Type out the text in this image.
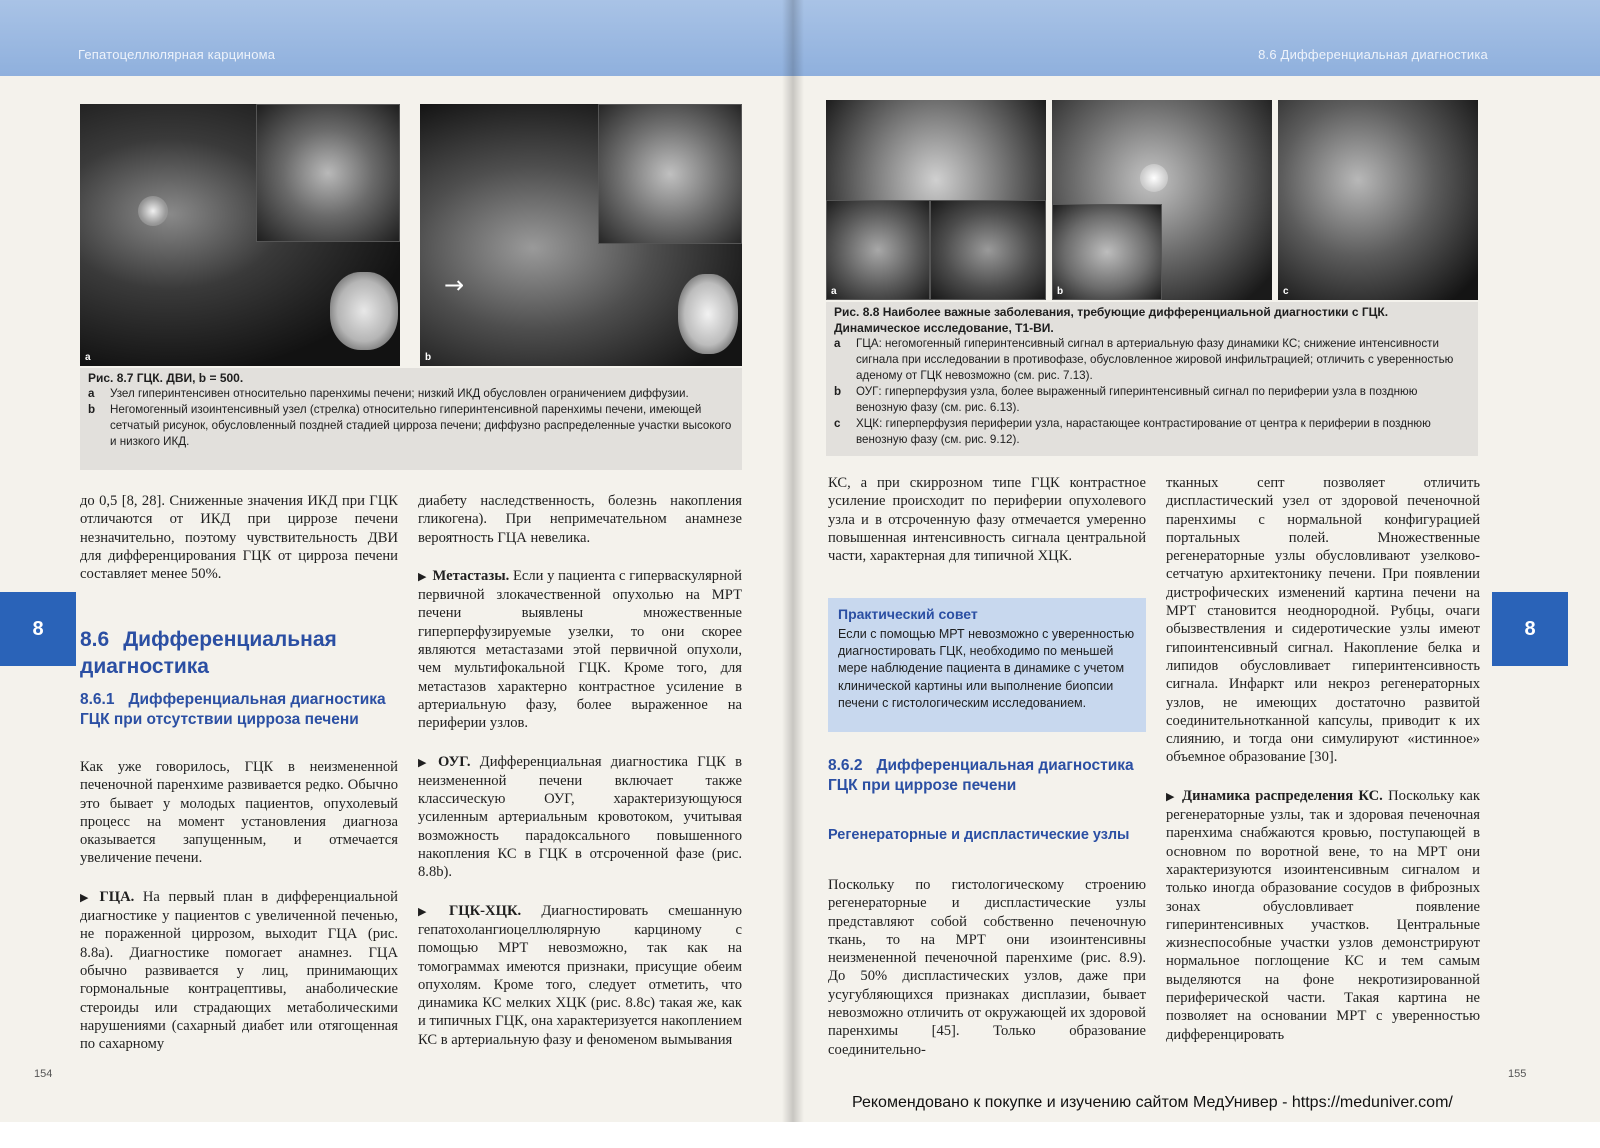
Гепатоцеллюлярная карцинома
a
→
b
Рис. 8.7 ГЦК. ДВИ, b = 500.
a	Узел гиперинтенсивен относительно паренхимы печени; низкий ИКД обусловлен ограничением диффузии.
b	Негомогенный изоинтенсивный узел (стрелка) относительно гиперинтенсивной паренхимы печени, имеющей сетчатый рисунок, обусловленный поздней стадией цирроза печени; диффузно распределенные участки высокого и низкого ИКД.

до 0,5 [8, 28]. Сниженные значения ИКД при ГЦК отличаются от ИКД при циррозе печени незначительно, поэтому чувствительность ДВИ для дифференцирования ГЦК от цирроза печени составляет менее 50%.

8.6 Дифференциальная диагностика
8.6.1 Дифференциальная диагностика ГЦК при отсутствии цирроза печени

Как уже говорилось, ГЦК в неизмененной печеночной паренхиме развивается редко. Обычно это бывает у молодых пациентов, опухолевый процесс на момент установления диагноза оказывается запущенным, и отмечается увеличение печени.

▶ ГЦА. На первый план в дифференциальной диагностике у пациентов с увеличенной печенью, не пораженной циррозом, выходит ГЦА (рис. 8.8a). Диагностике помогает анамнез. ГЦА обычно развивается у лиц, принимающих гормональные контрацептивы, анаболические стероиды или страдающих метаболическими нарушениями (сахарный диабет или отягощенная по сахарному

диабету наследственность, болезнь накопления гликогена). При непримечательном анамнезе вероятность ГЦА невелика.

▶ Метастазы. Если у пациента с гиперваскулярной первичной злокачественной опухолью на МРТ печени выявлены множественные гиперперфузируемые узелки, то они скорее являются метастазами этой первичной опухоли, чем мультифокальной ГЦК. Кроме того, для метастазов характерно контрастное усиление в артериальную фазу, более выраженное на периферии узлов.

▶ ОУГ. Дифференциальная диагностика ГЦК в неизмененной печени включает также классическую ОУГ, характеризующуюся усиленным артериальным кровотоком, учитывая возможность парадоксального повышенного накопления КС в ГЦК в отсроченной фазе (рис. 8.8b).

▶ ГЦК-ХЦК. Диагностировать смешанную гепатохолангиоцеллюлярную карциному с помощью МРТ невозможно, так как на томограммах имеются признаки, присущие обеим опухолям. Кроме того, следует отметить, что динамика КС мелких ХЦК (рис. 8.8c) такая же, как и типичных ГЦК, она характеризуется накоплением КС в артериальную фазу и феноменом вымывания

8
154
8.6 Дифференциальная диагностика
a	b	c
Рис. 8.8 Наиболее важные заболевания, требующие дифференциальной диагностики с ГЦК. Динамическое исследование, Т1-ВИ.
a	ГЦА: негомогенный гиперинтенсивный сигнал в артериальную фазу динамики КС; снижение интенсивности сигнала при исследовании в противофазе, обусловленное жировой инфильтрацией; отличить с уверенностью аденому от ГЦК невозможно (см. рис. 7.13).
b	ОУГ: гиперперфузия узла, более выраженный гиперинтенсивный сигнал по периферии узла в позднюю венозную фазу (см. рис. 6.13).
c	ХЦК: гиперперфузия периферии узла, нарастающее контрастирование от центра к периферии в позднюю венозную фазу (см. рис. 9.12).

КС, а при скиррозном типе ГЦК контрастное усиление происходит по периферии опухолевого узла и в отсроченную фазу отмечается умеренно повышенная интенсивность сигнала центральной части, характерная для типичной ХЦК.

Практический совет
Если с помощью МРТ невозможно с уверенностью диагностировать ГЦК, необходимо по меньшей мере наблюдение пациента в динамике с учетом клинической картины или выполнение биопсии печени с гистологическим исследованием.
8.6.2 Дифференциальная диагностика ГЦК при циррозе печени
Регенераторные и диспластические узлы

Поскольку по гистологическому строению регенераторные и диспластические узлы представляют собой собственно печеночную ткань, то на МРТ они изоинтенсивны неизмененной печеночной паренхиме (рис. 8.9). До 50% диспластических узлов, даже при усугубляющихся признаках дисплазии, бывает невозможно отличить от окружающей их здоровой паренхимы [45]. Только образование соединительно-

тканных септ позволяет отличить диспластический узел от здоровой печеночной паренхимы с нормальной конфигурацией портальных полей. Множественные регенераторные узлы обусловливают узелково-сетчатую архитектонику печени. При появлении дистрофических изменений картина печени на МРТ становится неоднородной. Рубцы, очаги обызвествления и сидеротические узлы имеют гипоинтенсивный сигнал. Накопление белка и липидов обусловливает гиперинтенсивность сигнала. Инфаркт или некроз регенераторных узлов, не имеющих достаточно развитой соединительнотканной капсулы, приводит к их слиянию, и тогда они симулируют «истинное» объемное образование [30].

▶ Динамика распределения КС. Поскольку как регенераторные узлы, так и здоровая печеночная паренхима снабжаются кровью, поступающей в основном по воротной вене, то на МРТ они характеризуются изоинтенсивным сигналом и только иногда образование сосудов в фиброзных зонах обусловливает появление гиперинтенсивных участков. Центральные жизнеспособные участки узлов демонстрируют нормальное поглощение КС и тем самым выделяются на фоне некротизированной периферической части. Такая картина не позволяет на основании МРТ с уверенностью дифференцировать

8
155
Рекомендовано к покупке и изучению сайтом МедУнивер - https://meduniver.com/
